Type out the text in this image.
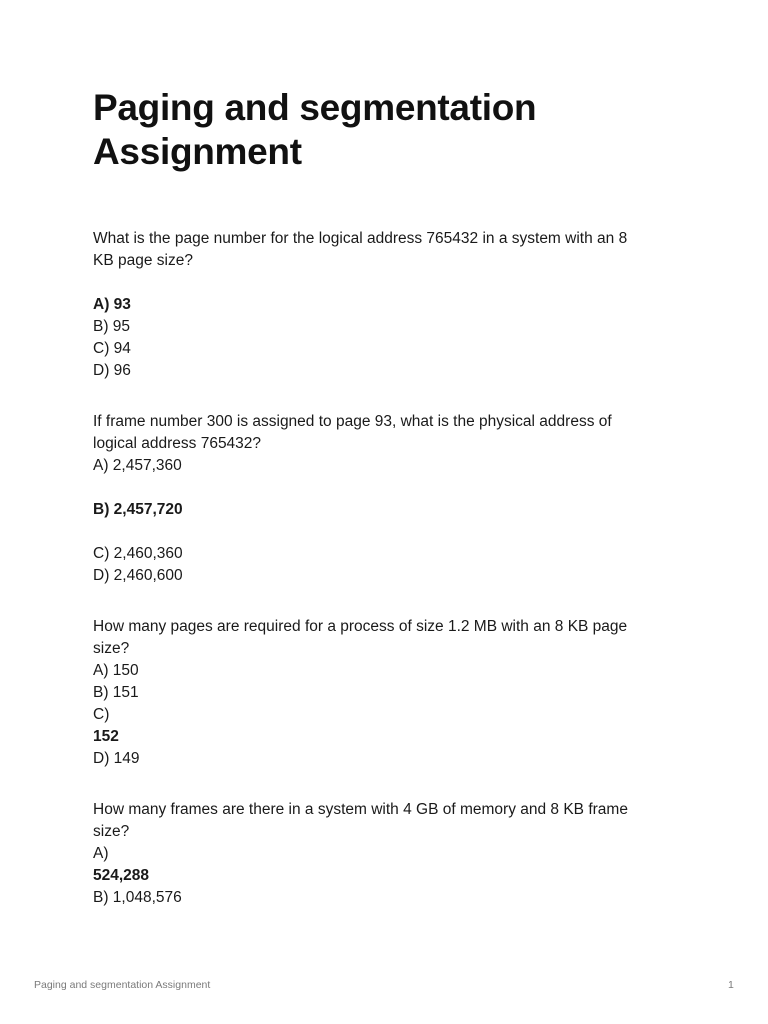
Paging and segmentation
Assignment

What is the page number for the logical address 765432 in a system with an 8

KB page size?

A) 93

B) 95

C) 94

D) 96

If frame number 300 is assigned to page 93, what is the physical address of

logical address 765432?

A) 2,457,360

B) 2,457,720

C) 2,460,360

D) 2,460,600

How many pages are required for a process of size 1.2 MB with an 8 KB page

size?

A) 150

B) 151

C)

152

D) 149

How many frames are there in a system with 4 GB of memory and 8 KB frame

size?

A)

524,288

B) 1,048,576

Paging and segmentation Assignment	1
